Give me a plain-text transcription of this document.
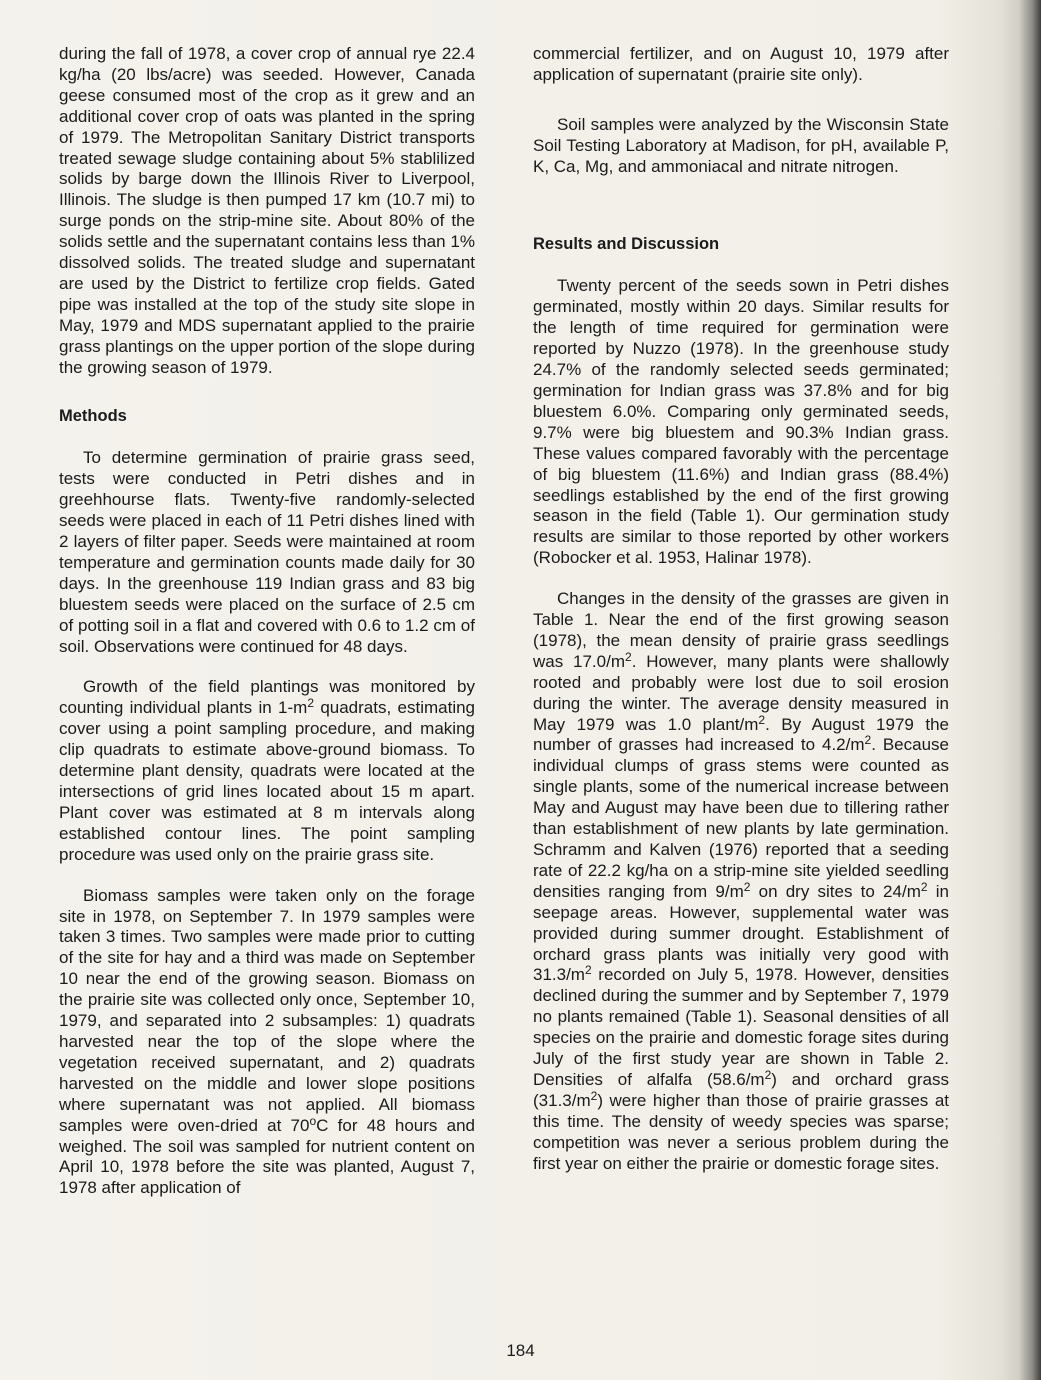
during the fall of 1978, a cover crop of annual rye 22.4 kg/ha (20 lbs/acre) was seeded. However, Canada geese consumed most of the crop as it grew and an additional cover crop of oats was planted in the spring of 1979. The Metropolitan Sanitary District transports treated sewage sludge containing about 5% stablilized solids by barge down the Illinois River to Liverpool, Illinois. The sludge is then pumped 17 km (10.7 mi) to surge ponds on the strip-mine site. About 80% of the solids settle and the supernatant contains less than 1% dissolved solids. The treated sludge and supernatant are used by the District to fertilize crop fields. Gated pipe was installed at the top of the study site slope in May, 1979 and MDS supernatant applied to the prairie grass plantings on the upper portion of the slope during the growing season of 1979.

Methods

To determine germination of prairie grass seed, tests were conducted in Petri dishes and in greehhourse flats. Twenty-five randomly-selected seeds were placed in each of 11 Petri dishes lined with 2 layers of filter paper. Seeds were maintained at room temperature and germination counts made daily for 30 days. In the greenhouse 119 Indian grass and 83 big bluestem seeds were placed on the surface of 2.5 cm of potting soil in a flat and covered with 0.6 to 1.2 cm of soil. Observations were continued for 48 days.

Growth of the field plantings was monitored by counting individual plants in $1-m^2$ quadrats, estimating cover using a point sampling procedure, and making clip quadrats to estimate above-ground biomass. To determine plant density, quadrats were located at the intersections of grid lines located about 15 m apart. Plant cover was estimated at 8 m intervals along established contour lines. The point sampling procedure was used only on the prairie grass site.

Biomass samples were taken only on the forage site in 1978, on September 7. In 1979 samples were taken 3 times. Two samples were made prior to cutting of the site for hay and a third was made on September 10 near the end of the growing season. Biomass on the prairie site was collected only once, September 10, 1979, and separated into 2 subsamples: 1) quadrats harvested near the top of the slope where the vegetation received supernatant, and 2) quadrats harvested on the middle and lower slope positions where supernatant was not applied. All biomass samples were oven-dried at 70$^o$C for 48 hours and weighed. The soil was sampled for nutrient content on April 10, 1978 before the site was planted, August 7, 1978 after application of

commercial fertilizer, and on August 10, 1979 after application of supernatant (prairie site only).

Soil samples were analyzed by the Wisconsin State Soil Testing Laboratory at Madison, for pH, available P, K, Ca, Mg, and ammoniacal and nitrate nitrogen.

Results and Discussion

Twenty percent of the seeds sown in Petri dishes germinated, mostly within 20 days. Similar results for the length of time required for germination were reported by Nuzzo (1978). In the greenhouse study 24.7% of the randomly selected seeds germinated; germination for Indian grass was 37.8% and for big bluestem 6.0%. Comparing only germinated seeds, 9.7% were big bluestem and 90.3% Indian grass. These values compared favorably with the percentage of big bluestem (11.6%) and Indian grass (88.4%) seedlings established by the end of the first growing season in the field (Table 1). Our germination study results are similar to those reported by other workers (Robocker et al. 1953, Halinar 1978).

Changes in the density of the grasses are given in Table 1. Near the end of the first growing season (1978), the mean density of prairie grass seedlings was $17.0/m^2$. However, many plants were shallowly rooted and probably were lost due to soil erosion during the winter. The average density measured in May 1979 was 1.0 plant/$m^2$. By August 1979 the number of grasses had increased to $4.2/m^2$. Because individual clumps of grass stems were counted as single plants, some of the numerical increase between May and August may have been due to tillering rather than establishment of new plants by late germination. Schramm and Kalven (1976) reported that a seeding rate of 22.2 kg/ha on a strip-mine site yielded seedling densities ranging from $9/m^2$ on dry sites to $24/m^2$ in seepage areas. However, supplemental water was provided during summer drought. Establishment of orchard grass plants was initially very good with $31.3/m^2$ recorded on July 5, 1978. However, densities declined during the summer and by September 7, 1979 no plants remained (Table 1). Seasonal densities of all species on the prairie and domestic forage sites during July of the first study year are shown in Table 2. Densities of alfalfa $(58.6/m^2)$ and orchard grass $(31.3/m^2)$ were higher than those of prairie grasses at this time. The density of weedy species was sparse; competition was never a serious problem during the first year on either the prairie or domestic forage sites.

184
